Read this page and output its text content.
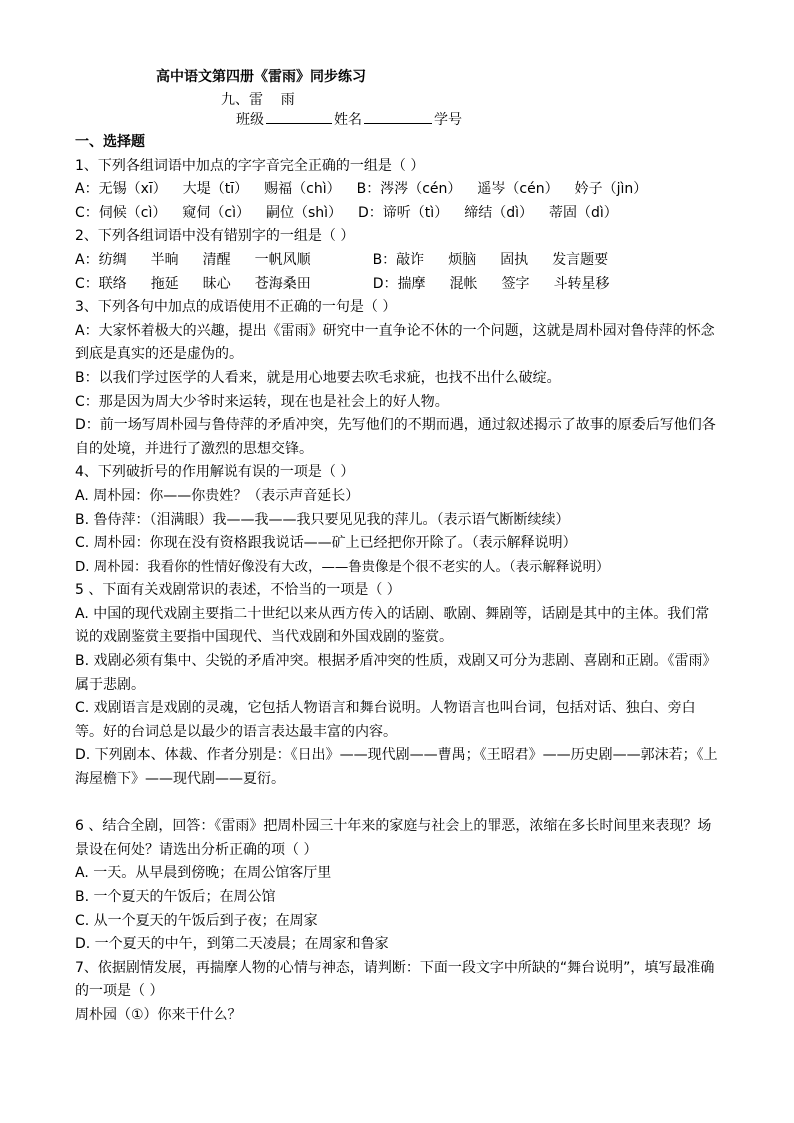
高中语文第四册《雷雨》同步练习
九、雷    雨
班级	姓名	学号

一、选择题

1、下列各组词语中加点的字字音完全正确的一组是（ ）

A：无锡（xī） 大堤（tī） 赐福（chì） B：涔涔（cén） 遥岑（cén） 妗子（jìn）
C：伺候（cì） 窥伺（cì） 嗣位（shì） D：谛听（tì） 缔结（dì） 蒂固（dì）

2、下列各组词语中没有错别字的一组是（ ）

A：纺绸 半晌 清醒 一帆风顺	B：敲诈 烦脑 固执 发言题要
C：联络 拖延 昧心 苍海桑田	D：揣摩 混帐 签字 斗转星移

3、下列各句中加点的成语使用不正确的一句是（ ）

A：大家怀着极大的兴趣，提出《雷雨》研究中一直争论不休的一个问题，这就是周朴园对鲁侍萍的怀念到底是真实的还是虚伪的。

B：以我们学过医学的人看来，就是用心地要去吹毛求疵，也找不出什么破绽。

C：那是因为周大少爷时来运转，现在也是社会上的好人物。

D：前一场写周朴园与鲁侍萍的矛盾冲突，先写他们的不期而遇，通过叙述揭示了故事的原委后写他们各自的处境，并进行了激烈的思想交锋。

4、下列破折号的作用解说有误的一项是（ ）

A. 周朴园：你——你贵姓？（表示声音延长）

B. 鲁侍萍：（泪满眼）我——我——我只要见见我的萍儿。（表示语气断断续续）

C. 周朴园：你现在没有资格跟我说话——矿上已经把你开除了。（表示解释说明）

D. 周朴园：我看你的性情好像没有大改，——鲁贵像是个很不老实的人。（表示解释说明）

5 、下面有关戏剧常识的表述，不恰当的一项是（ ）

A. 中国的现代戏剧主要指二十世纪以来从西方传入的话剧、歌剧、舞剧等，话剧是其中的主体。我们常说的戏剧鉴赏主要指中国现代、当代戏剧和外国戏剧的鉴赏。

B. 戏剧必须有集中、尖锐的矛盾冲突。根据矛盾冲突的性质，戏剧又可分为悲剧、喜剧和正剧。《雷雨》属于悲剧。

C. 戏剧语言是戏剧的灵魂，它包括人物语言和舞台说明。人物语言也叫台词，包括对话、独白、旁白等。好的台词总是以最少的语言表达最丰富的内容。

D. 下列剧本、体裁、作者分别是：《日出》——现代剧——曹禺；《王昭君》——历史剧——郭沫若；《上海屋檐下》——现代剧——夏衍。

6 、结合全剧，回答：《雷雨》把周朴园三十年来的家庭与社会上的罪恶，浓缩在多长时间里来表现？场景设在何处？请选出分析正确的项（ ）

A. 一天。从早晨到傍晚；在周公馆客厅里

B. 一个夏天的午饭后；在周公馆

C. 从一个夏天的午饭后到子夜；在周家

D. 一个夏天的中午，到第二天凌晨；在周家和鲁家

7、依据剧情发展，再揣摩人物的心情与神态，请判断：下面一段文字中所缺的“舞台说明”，填写最准确的一项是（ ）

周朴园（①）你来干什么？
